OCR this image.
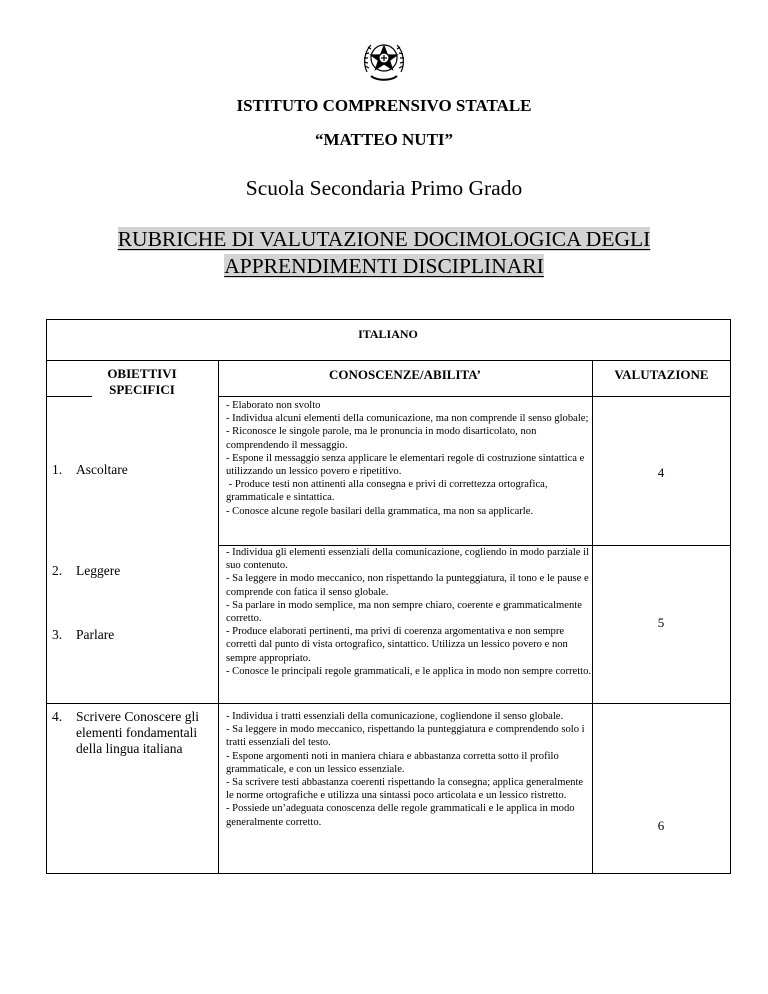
ISTITUTO COMPRENSIVO STATALE
“MATTEO NUTI”
Scuola Secondaria Primo Grado
RUBRICHE DI VALUTAZIONE DOCIMOLOGICA DEGLI
APPRENDIMENTI DISCIPLINARI
ITALIANO
OBIETTIVI SPECIFICI
CONOSCENZE/ABILITA’	VALUTAZIONE
1. Ascoltare
2. Leggere
3. Parlare
4. Scrivere Conoscere gli elementi fondamentali della lingua italiana
- Elaborato non svolto
- Individua alcuni elementi della comunicazione, ma non comprende il senso globale;
- Riconosce le singole parole, ma le pronuncia in modo disarticolato, non comprendendo il messaggio.
- Espone il messaggio senza applicare le elementari regole di costruzione sintattica e utilizzando un lessico povero e ripetitivo.
- Produce testi non attinenti alla consegna e privi di correttezza ortografica, grammaticale e sintattica.
- Conosce alcune regole basilari della grammatica, ma non sa applicarle.
4
- Individua gli elementi essenziali della comunicazione, cogliendo in modo parziale il suo contenuto.
- Sa leggere in modo meccanico, non rispettando la punteggiatura, il tono e le pause e comprende con fatica il senso globale.
- Sa parlare in modo semplice, ma non sempre chiaro, coerente e grammaticalmente corretto.
- Produce elaborati pertinenti, ma privi di coerenza argomentativa e non sempre corretti dal punto di vista ortografico, sintattico. Utilizza un lessico povero e non sempre appropriato.
- Conosce le principali regole grammaticali, e le applica in modo non sempre corretto.
5
- Individua i tratti essenziali della comunicazione, cogliendone il senso globale.
- Sa leggere in modo meccanico, rispettando la punteggiatura e comprendendo solo i tratti essenziali del testo.
- Espone argomenti noti in maniera chiara e abbastanza corretta sotto il profilo grammaticale, e con un lessico essenziale.
- Sa scrivere testi abbastanza coerenti rispettando la consegna; applica generalmente le norme ortografiche e utilizza una sintassi poco articolata e un lessico ristretto.
- Possiede un’adeguata conoscenza delle regole grammaticali e le applica in modo generalmente corretto.	6
